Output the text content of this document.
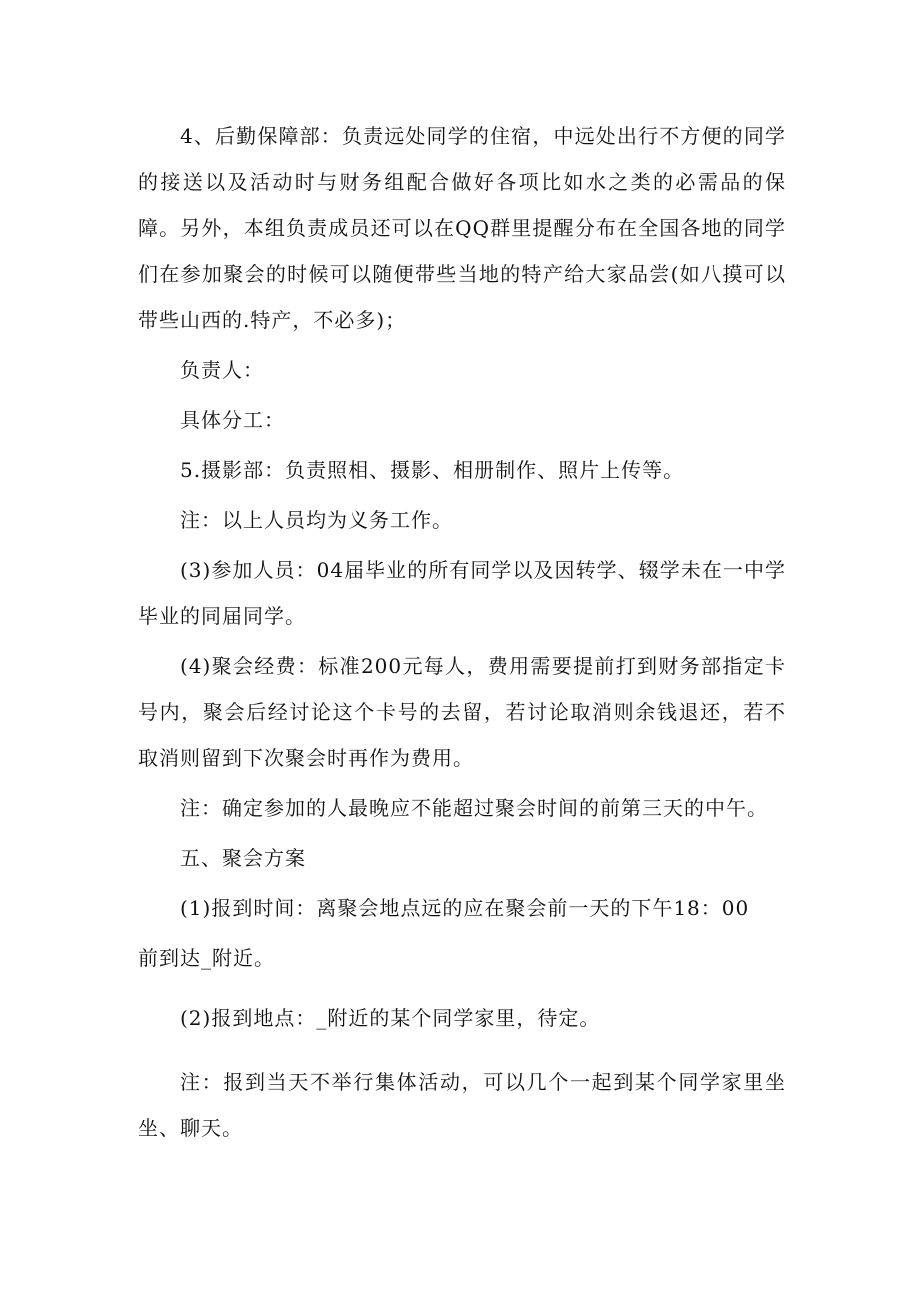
4、后勤保障部：负责远处同学的住宿，中远处出行不方便的同学的接送以及活动时与财务组配合做好各项比如水之类的必需品的保障。另外，本组负责成员还可以在QQ群里提醒分布在全国各地的同学们在参加聚会的时候可以随便带些当地的特产给大家品尝(如八摸可以带些山西的.特产，不必多)；

负责人：

具体分工：

5.摄影部：负责照相、摄影、相册制作、照片上传等。

注：以上人员均为义务工作。

(3)参加人员：04届毕业的所有同学以及因转学、辍学未在一中学毕业的同届同学。

(4)聚会经费：标准200元每人，费用需要提前打到财务部指定卡号内，聚会后经讨论这个卡号的去留，若讨论取消则余钱退还，若不取消则留到下次聚会时再作为费用。

注：确定参加的人最晚应不能超过聚会时间的前第三天的中午。

五、聚会方案

(1)报到时间：离聚会地点远的应在聚会前一天的下午18：00

前到达_附近。

(2)报到地点：_附近的某个同学家里，待定。

注：报到当天不举行集体活动，可以几个一起到某个同学家里坐坐、聊天。
